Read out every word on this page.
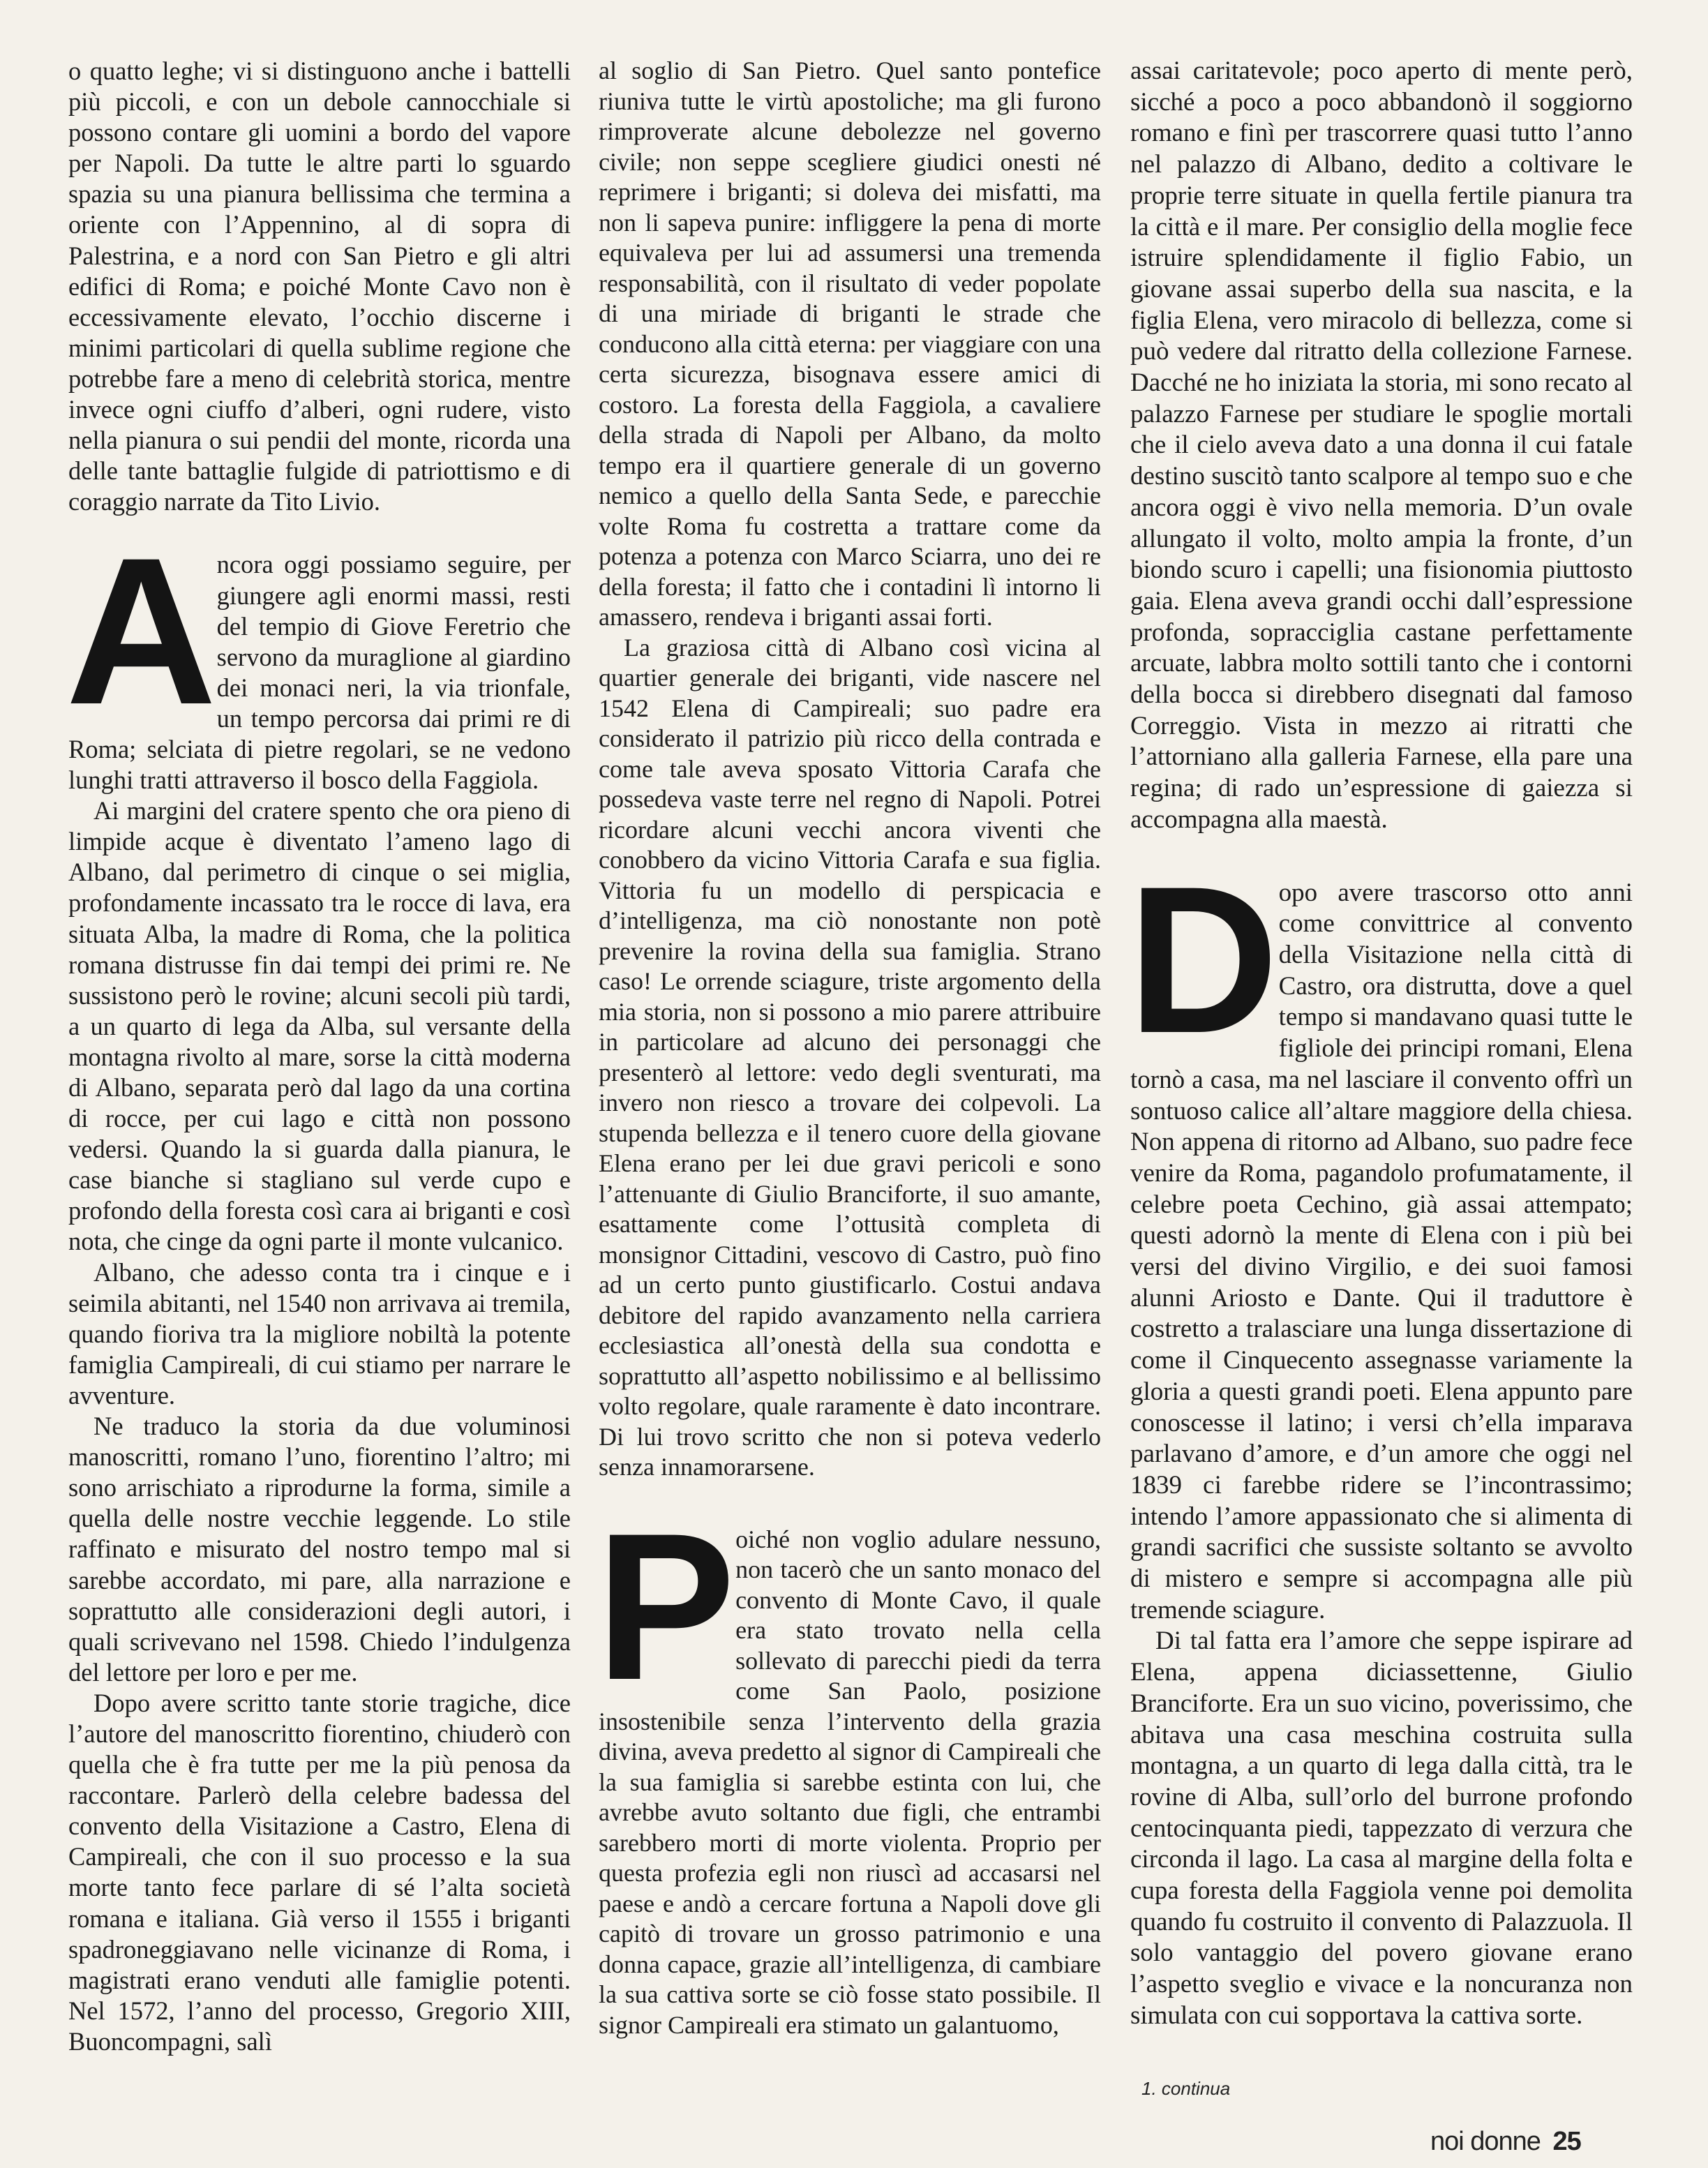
o quatto leghe; vi si distinguono anche i battelli più piccoli, e con un debole cannocchiale si possono contare gli uomini a bordo del vapore per Napoli. Da tutte le altre parti lo sguardo spazia su una pianura bellissima che termina a oriente con l’Appennino, al di sopra di Palestrina, e a nord con San Pietro e gli altri edifici di Roma; e poiché Monte Cavo non è eccessivamente elevato, l’occhio discerne i minimi particolari di quella sublime regione che potrebbe fare a meno di celebrità storica, mentre invece ogni ciuffo d’alberi, ogni rudere, visto nella pianura o sui pendii del monte, ricorda una delle tante battaglie fulgide di patriottismo e di coraggio narrate da Tito Livio.

Ancora oggi possiamo seguire, per giungere agli enormi massi, resti del tempio di Giove Feretrio che servono da muraglione al giardino dei monaci neri, la via trionfale, un tempo percorsa dai primi re di Roma; selciata di pietre regolari, se ne vedono lunghi tratti attraverso il bosco della Faggiola.

Ai margini del cratere spento che ora pieno di limpide acque è diventato l’ameno lago di Albano, dal perimetro di cinque o sei miglia, profondamente incassato tra le rocce di lava, era situata Alba, la madre di Roma, che la politica romana distrusse fin dai tempi dei primi re. Ne sussistono però le rovine; alcuni secoli più tardi, a un quarto di lega da Alba, sul versante della montagna rivolto al mare, sorse la città moderna di Albano, separata però dal lago da una cortina di rocce, per cui lago e città non possono vedersi. Quando la si guarda dalla pianura, le case bianche si stagliano sul verde cupo e profondo della foresta così cara ai briganti e così nota, che cinge da ogni parte il monte vulcanico.

Albano, che adesso conta tra i cinque e i seimila abitanti, nel 1540 non arrivava ai tremila, quando fioriva tra la migliore nobiltà la potente famiglia Campireali, di cui stiamo per narrare le avventure.

Ne traduco la storia da due voluminosi manoscritti, romano l’uno, fiorentino l’altro; mi sono arrischiato a riprodurne la forma, simile a quella delle nostre vecchie leggende. Lo stile raffinato e misurato del nostro tempo mal si sarebbe accordato, mi pare, alla narrazione e soprattutto alle considerazioni degli autori, i quali scrivevano nel 1598. Chiedo l’indulgenza del lettore per loro e per me.

Dopo avere scritto tante storie tragiche, dice l’autore del manoscritto fiorentino, chiuderò con quella che è fra tutte per me la più penosa da raccontare. Parlerò della celebre badessa del convento della Visitazione a Castro, Elena di Campireali, che con il suo processo e la sua morte tanto fece parlare di sé l’alta società romana e italiana. Già verso il 1555 i briganti spadroneggiavano nelle vicinanze di Roma, i magistrati erano venduti alle famiglie potenti. Nel 1572, l’anno del processo, Gregorio XIII, Buoncompagni, salì

al soglio di San Pietro. Quel santo pontefice riuniva tutte le virtù apostoliche; ma gli furono rimproverate alcune debolezze nel governo civile; non seppe scegliere giudici onesti né reprimere i briganti; si doleva dei misfatti, ma non li sapeva punire: infliggere la pena di morte equivaleva per lui ad assumersi una tremenda responsabilità, con il risultato di veder popolate di una miriade di briganti le strade che conducono alla città eterna: per viaggiare con una certa sicurezza, bisognava essere amici di costoro. La foresta della Faggiola, a cavaliere della strada di Napoli per Albano, da molto tempo era il quartiere generale di un governo nemico a quello della Santa Sede, e parecchie volte Roma fu costretta a trattare come da potenza a potenza con Marco Sciarra, uno dei re della foresta; il fatto che i contadini lì intorno li amassero, rendeva i briganti assai forti.

La graziosa città di Albano così vicina al quartier generale dei briganti, vide nascere nel 1542 Elena di Campireali; suo padre era considerato il patrizio più ricco della contrada e come tale aveva sposato Vittoria Carafa che possedeva vaste terre nel regno di Napoli. Potrei ricordare alcuni vecchi ancora viventi che conobbero da vicino Vittoria Carafa e sua figlia. Vittoria fu un modello di perspicacia e d’intelligenza, ma ciò nonostante non potè prevenire la rovina della sua famiglia. Strano caso! Le orrende sciagure, triste argomento della mia storia, non si possono a mio parere attribuire in particolare ad alcuno dei personaggi che presenterò al lettore: vedo degli sventurati, ma invero non riesco a trovare dei colpevoli. La stupenda bellezza e il tenero cuore della giovane Elena erano per lei due gravi pericoli e sono l’attenuante di Giulio Branciforte, il suo amante, esattamente come l’ottusità completa di monsignor Cittadini, vescovo di Castro, può fino ad un certo punto giustificarlo. Costui andava debitore del rapido avanzamento nella carriera ecclesiastica all’onestà della sua condotta e soprattutto all’aspetto nobilissimo e al bellissimo volto regolare, quale raramente è dato incontrare. Di lui trovo scritto che non si poteva vederlo senza innamorarsene.

Poiché non voglio adulare nessuno, non tacerò che un santo monaco del convento di Monte Cavo, il quale era stato trovato nella cella sollevato di parecchi piedi da terra come San Paolo, posizione insostenibile senza l’intervento della grazia divina, aveva predetto al signor di Campireali che la sua famiglia si sarebbe estinta con lui, che avrebbe avuto soltanto due figli, che entrambi sarebbero morti di morte violenta. Proprio per questa profezia egli non riuscì ad accasarsi nel paese e andò a cercare fortuna a Napoli dove gli capitò di trovare un grosso patrimonio e una donna capace, grazie all’intelligenza, di cambiare la sua cattiva sorte se ciò fosse stato possibile. Il signor Campireali era stimato un galantuomo,

assai caritatevole; poco aperto di mente però, sicché a poco a poco abbandonò il soggiorno romano e finì per trascorrere quasi tutto l’anno nel palazzo di Albano, dedito a coltivare le proprie terre situate in quella fertile pianura tra la città e il mare. Per consiglio della moglie fece istruire splendidamente il figlio Fabio, un giovane assai superbo della sua nascita, e la figlia Elena, vero miracolo di bellezza, come si può vedere dal ritratto della collezione Farnese. Dacché ne ho iniziata la storia, mi sono recato al palazzo Farnese per studiare le spoglie mortali che il cielo aveva dato a una donna il cui fatale destino suscitò tanto scalpore al tempo suo e che ancora oggi è vivo nella memoria. D’un ovale allungato il volto, molto ampia la fronte, d’un biondo scuro i capelli; una fisionomia piuttosto gaia. Elena aveva grandi occhi dall’espressione profonda, sopracciglia castane perfettamente arcuate, labbra molto sottili tanto che i contorni della bocca si direbbero disegnati dal famoso Correggio. Vista in mezzo ai ritratti che l’attorniano alla galleria Farnese, ella pare una regina; di rado un’espressione di gaiezza si accompagna alla maestà.

Dopo avere trascorso otto anni come convittrice al convento della Visitazione nella città di Castro, ora distrutta, dove a quel tempo si mandavano quasi tutte le figliole dei principi romani, Elena tornò a casa, ma nel lasciare il convento offrì un sontuoso calice all’altare maggiore della chiesa. Non appena di ritorno ad Albano, suo padre fece venire da Roma, pagandolo profumatamente, il celebre poeta Cechino, già assai attempato; questi adornò la mente di Elena con i più bei versi del divino Virgilio, e dei suoi famosi alunni Ariosto e Dante. Qui il traduttore è costretto a tralasciare una lunga dissertazione di come il Cinquecento assegnasse variamente la gloria a questi grandi poeti. Elena appunto pare conoscesse il latino; i versi ch’ella imparava parlavano d’amore, e d’un amore che oggi nel 1839 ci farebbe ridere se l’incontrassimo; intendo l’amore appassionato che si alimenta di grandi sacrifici che sussiste soltanto se avvolto di mistero e sempre si accompagna alle più tremende sciagure.

Di tal fatta era l’amore che seppe ispirare ad Elena, appena diciassettenne, Giulio Branciforte. Era un suo vicino, poverissimo, che abitava una casa meschina costruita sulla montagna, a un quarto di lega dalla città, tra le rovine di Alba, sull’orlo del burrone profondo centocinquanta piedi, tappezzato di verzura che circonda il lago. La casa al margine della folta e cupa foresta della Faggiola venne poi demolita quando fu costruito il convento di Palazzuola. Il solo vantaggio del povero giovane erano l’aspetto sveglio e vivace e la noncuranza non simulata con cui sopportava la cattiva sorte.

1. continua
noi donne 25
